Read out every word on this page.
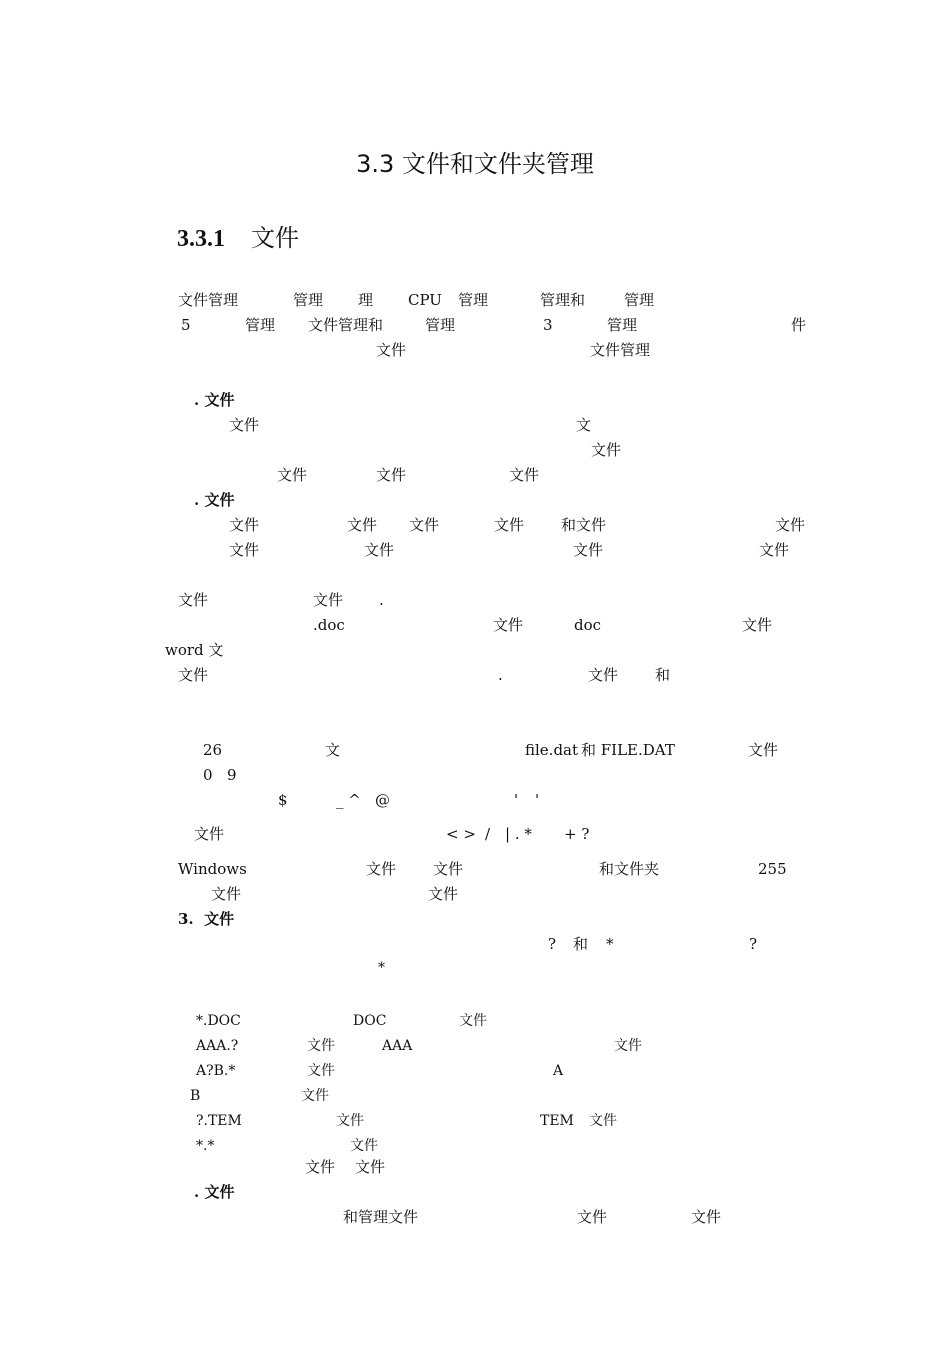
3.3 文件和文件夹管理
3.3.1 文件
文件管理	管理 理 CPU 管理	管理和	管理
5	管理 文件管理和	管理	3	管理	件
文件	文件管理
. 文件
文件	文
文件
文件	文件	文件
. 文件
文件	文件 文件	文件 和文件	文件
文件	文件	文件	文件
文件	文件 .
.doc	文件	doc	文件
word 文
文件	.	文件 和
26	文	file.dat 和 FILE.DAT	文件
0 9
$	_ ^ @	' '
文件	< > / | . * + ?
Windows	文件 文件	和文件夹	255
文件	文件
3.  文件
? 和 *	?
*
*.DOC	DOC	文件
AAA.?	文件	AAA	文件
A?B.*	文件	A
B	文件
?.TEM	文件	TEM 文件
*.*	文件
文件 文件
. 文件
和管理文件	文件	文件
